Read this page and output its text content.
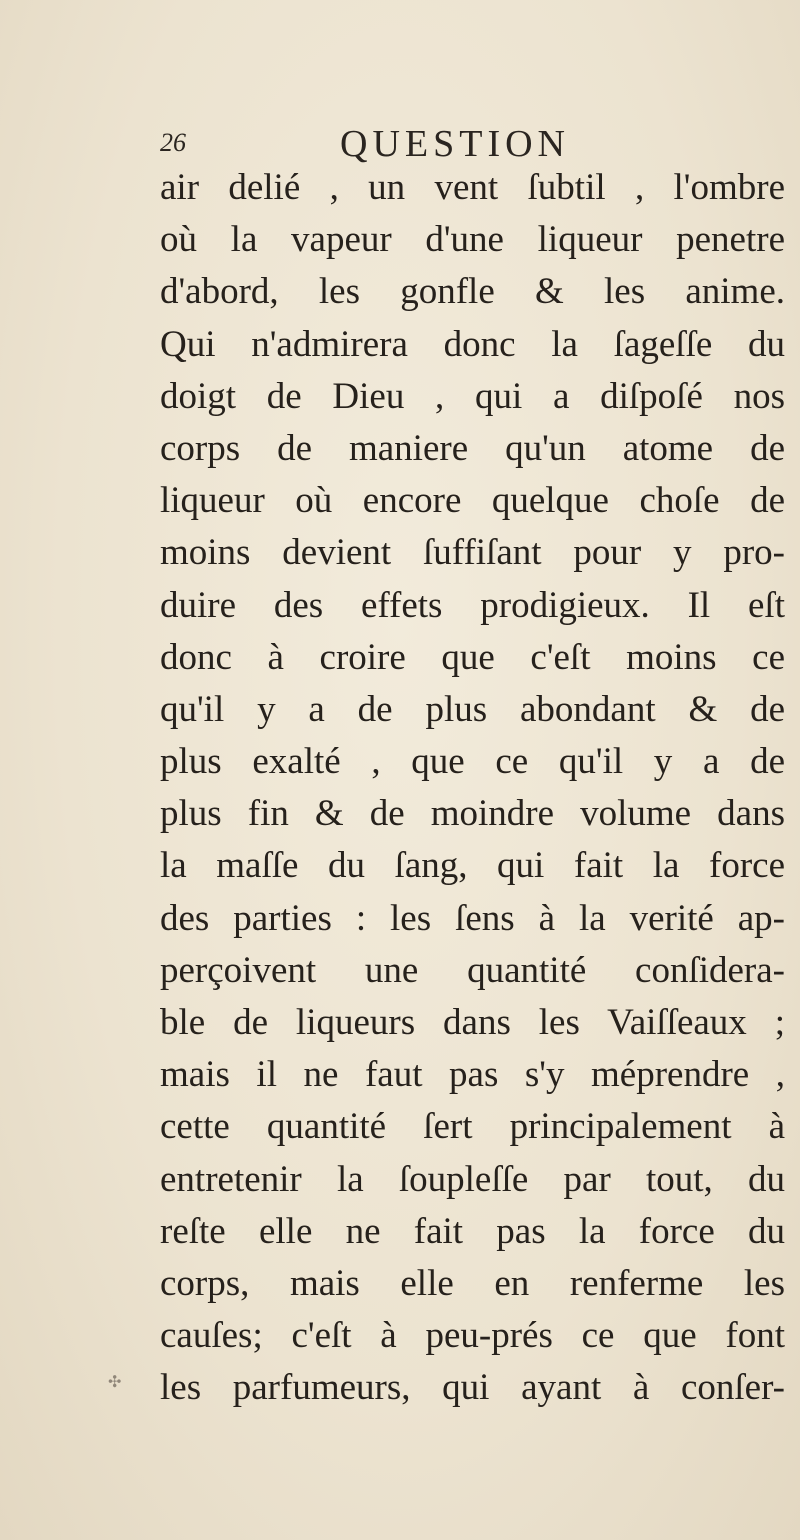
26	QUESTION
air delié , un vent ſubtil , l'ombre
où la vapeur d'une liqueur penetre
d'abord, les gonfle & les anime.
Qui n'admirera donc la ſageſſe du
doigt de Dieu , qui a diſpoſé nos
corps de maniere qu'un atome de
liqueur où encore quelque choſe de
moins devient ſuffiſant pour y pro-
duire des effets prodigieux. Il eſt
donc à croire que c'eſt moins ce
qu'il y a de plus abondant & de
plus exalté , que ce qu'il y a de
plus fin & de moindre volume dans
la maſſe du ſang, qui fait la force
des parties : les ſens à la verité ap-
perçoivent une quantité conſidera-
ble de liqueurs dans les Vaiſſeaux ;
mais il ne faut pas s'y méprendre ,
cette quantité ſert principalement à
entretenir la ſoupleſſe par tout, du
reſte elle ne fait pas la force du
corps, mais elle en renferme les
cauſes; c'eſt à peu-prés ce que font
les parfumeurs, qui ayant à conſer-
✣
